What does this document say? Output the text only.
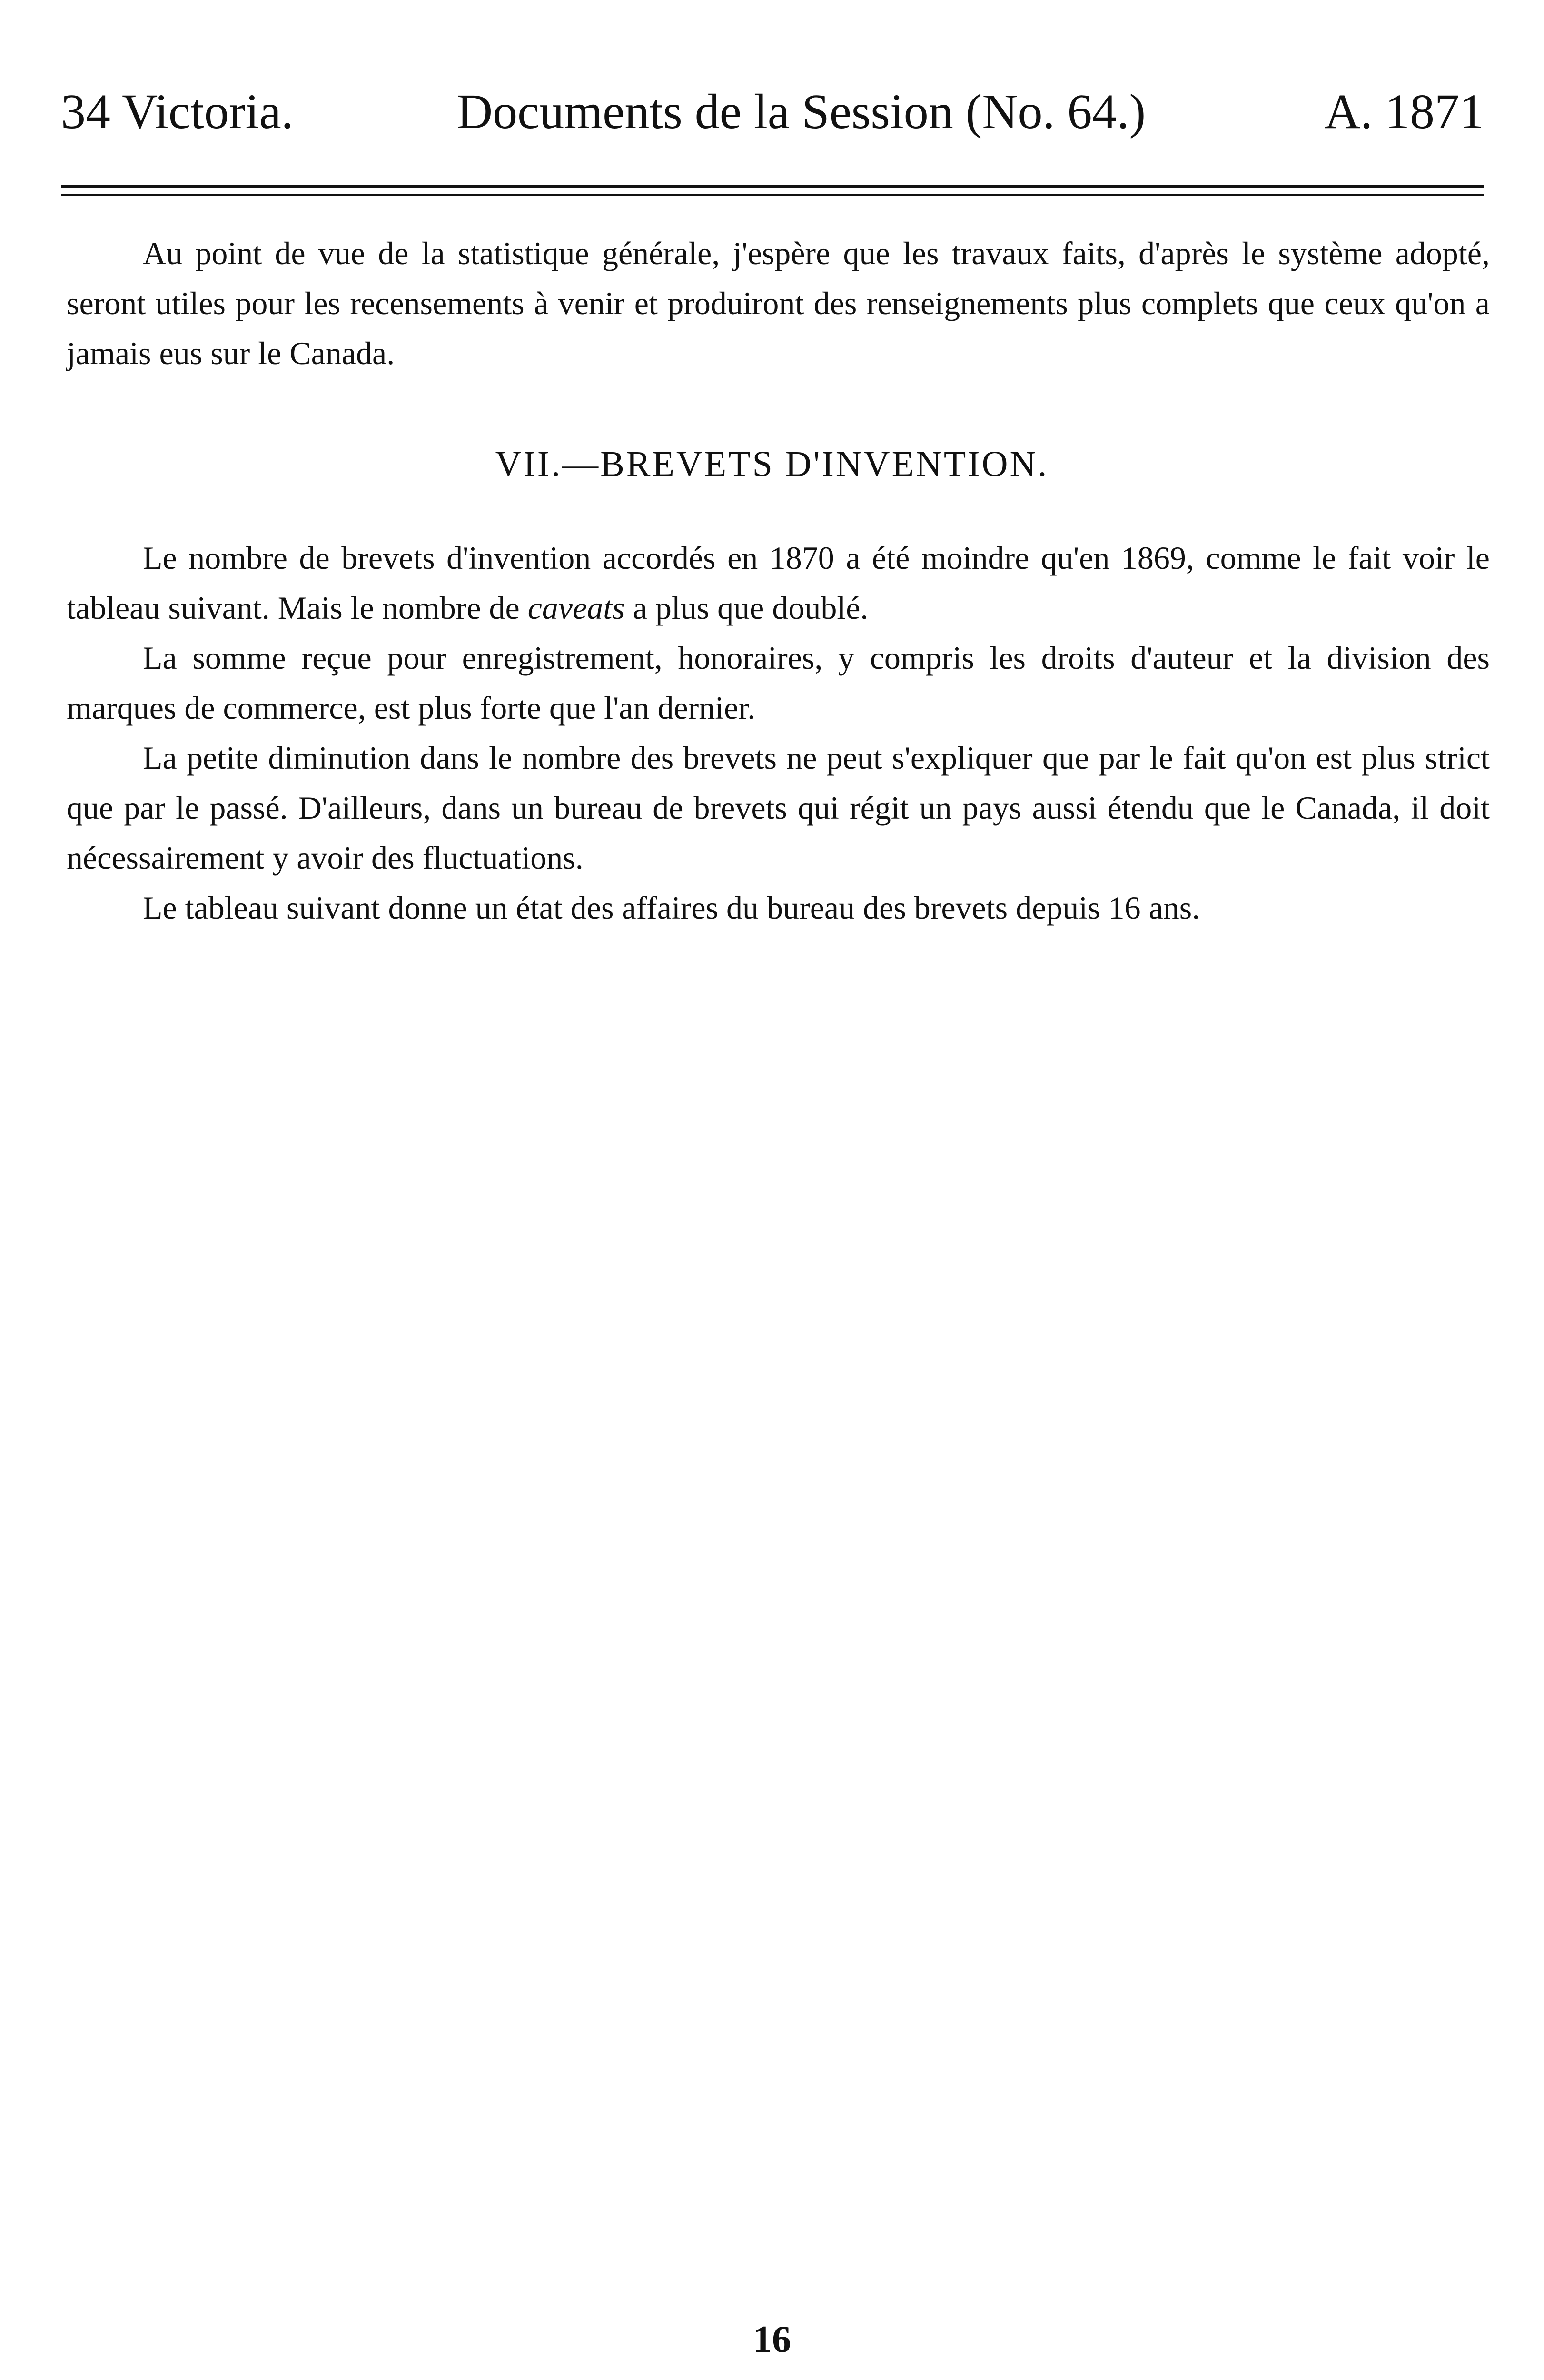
34 Victoria.	Documents de la Session (No. 64.)	A. 1871

Au point de vue de la statistique générale, j'espère que les travaux faits, d'après le système adopté, seront utiles pour les recensements à venir et produiront des renseignements plus complets que ceux qu'on a jamais eus sur le Canada.

VII.—BREVETS D'INVENTION.

Le nombre de brevets d'invention accordés en 1870 a été moindre qu'en 1869, comme le fait voir le tableau suivant. Mais le nombre de caveats a plus que doublé.

La somme reçue pour enregistrement, honoraires, y compris les droits d'auteur et la division des marques de commerce, est plus forte que l'an dernier.

La petite diminution dans le nombre des brevets ne peut s'expliquer que par le fait qu'on est plus strict que par le passé. D'ailleurs, dans un bureau de brevets qui régit un pays aussi étendu que le Canada, il doit nécessairement y avoir des fluctuations.

Le tableau suivant donne un état des affaires du bureau des brevets depuis 16 ans.

16
